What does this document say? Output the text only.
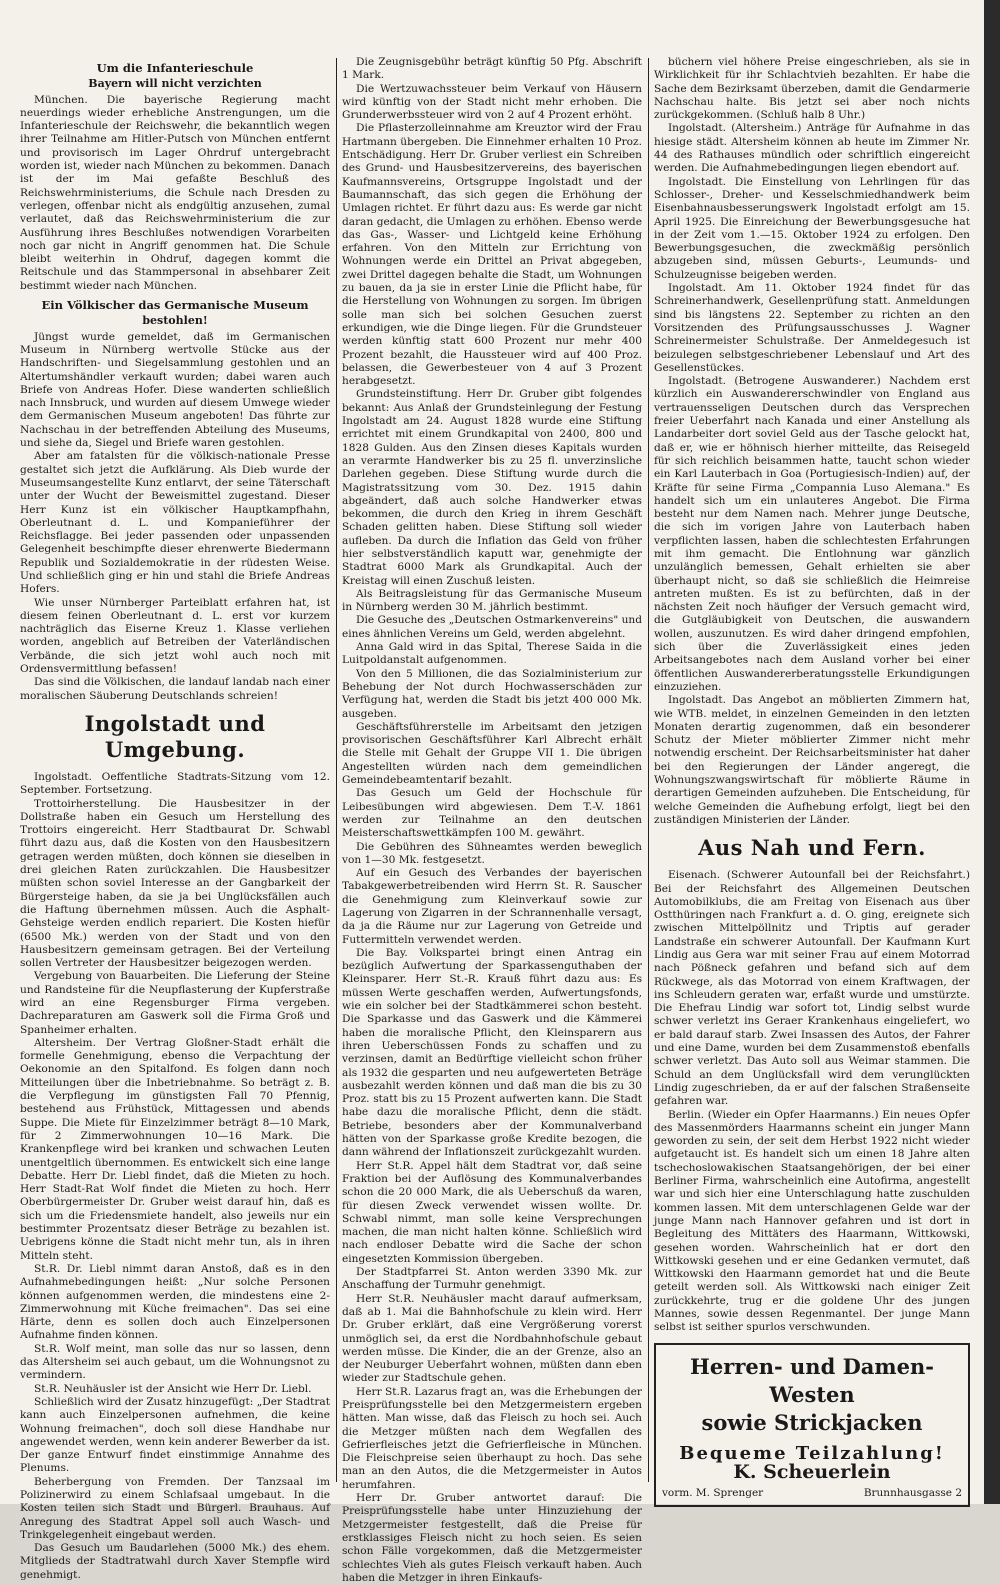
Um die Infanterieschule
Bayern will nicht verzichten

München. Die bayerische Regierung macht neuerdings wieder erhebliche Anstrengungen, um die Infanterieschule der Reichswehr, die bekanntlich wegen ihrer Teilnahme am Hitler-Putsch von München entfernt und provisorisch im Lager Ohrdruf untergebracht worden ist, wieder nach München zu bekommen. Danach ist der im Mai gefaßte Beschluß des Reichswehrministeriums, die Schule nach Dresden zu verlegen, offenbar nicht als endgültig anzusehen, zumal verlautet, daß das Reichswehrministerium die zur Ausführung ihres Beschlußes notwendigen Vorarbeiten noch gar nicht in Angriff genommen hat. Die Schule bleibt weiterhin in Ohdruf, dagegen kommt die Reitschule und das Stammpersonal in absehbarer Zeit bestimmt wieder nach München.

Ein Völkischer das Germanische Museum
bestohlen!

Jüngst wurde gemeldet, daß im Germanischen Museum in Nürnberg wertvolle Stücke aus der Handschriften- und Siegelsammlung gestohlen und an Altertumshändler verkauft wurden; dabei waren auch Briefe von Andreas Hofer. Diese wanderten schließlich nach Innsbruck, und wurden auf diesem Umwege wieder dem Germanischen Museum angeboten! Das führte zur Nachschau in der betreffenden Abteilung des Museums, und siehe da, Siegel und Briefe waren gestohlen.

Aber am fatalsten für die völkisch-nationale Presse gestaltet sich jetzt die Aufklärung. Als Dieb wurde der Museumsangestellte Kunz entlarvt, der seine Täterschaft unter der Wucht der Beweismittel zugestand. Dieser Herr Kunz ist ein völkischer Hauptkampfhahn, Oberleutnant d. L. und Kompanieführer der Reichsflagge. Bei jeder passenden oder unpassenden Gelegenheit beschimpfte dieser ehrenwerte Biedermann Republik und Sozialdemokratie in der rüdesten Weise. Und schließlich ging er hin und stahl die Briefe Andreas Hofers.

Wie unser Nürnberger Parteiblatt erfahren hat, ist diesem feinen Oberleutnant d. L. erst vor kurzem nachträglich das Eiserne Kreuz 1. Klasse verliehen worden, angeblich auf Betreiben der Vaterländischen Verbände, die sich jetzt wohl auch noch mit Ordensvermittlung befassen!

Das sind die Völkischen, die landauf landab nach einer moralischen Säuberung Deutschlands schreien!

Ingolstadt und Umgebung.

Ingolstadt. Oeffentliche Stadtrats-Sitzung vom 12. September. Fortsetzung.

Trottoirherstellung. Die Hausbesitzer in der Dollstraße haben ein Gesuch um Herstellung des Trottoirs eingereicht. Herr Stadtbaurat Dr. Schwabl führt dazu aus, daß die Kosten von den Hausbesitzern getragen werden müßten, doch können sie dieselben in drei gleichen Raten zurückzahlen. Die Hausbesitzer müßten schon soviel Interesse an der Gangbarkeit der Bürgersteige haben, da sie ja bei Unglücksfällen auch die Haftung übernehmen müssen. Auch die Asphalt-Gehsteige werden endlich repariert. Die Kosten hiefür (6500 Mk.) werden von der Stadt und von den Hausbesitzern gemeinsam getragen. Bei der Verteilung sollen Vertreter der Hausbesitzer beigezogen werden.

Vergebung von Bauarbeiten. Die Lieferung der Steine und Randsteine für die Neupflasterung der Kupferstraße wird an eine Regensburger Firma vergeben. Dachreparaturen am Gaswerk soll die Firma Groß und Spanheimer erhalten.

Altersheim. Der Vertrag Gloßner-Stadt erhält die formelle Genehmigung, ebenso die Verpachtung der Oekonomie an den Spitalfond. Es folgen dann noch Mitteilungen über die Inbetriebnahme. So beträgt z. B. die Verpflegung im günstigsten Fall 70 Pfennig, bestehend aus Frühstück, Mittagessen und abends Suppe. Die Miete für Einzelzimmer beträgt 8—10 Mark, für 2 Zimmerwohnungen 10—16 Mark. Die Krankenpflege wird bei kranken und schwachen Leuten unentgeltlich übernommen. Es entwickelt sich eine lange Debatte. Herr Dr. Liebl findet, daß die Mieten zu hoch. Herr Stadt-Rat Wolf findet die Mieten zu hoch. Herr Oberbürgermeister Dr. Gruber weist darauf hin, daß es sich um die Friedensmiete handelt, also jeweils nur ein bestimmter Prozentsatz dieser Beträge zu bezahlen ist. Uebrigens könne die Stadt nicht mehr tun, als in ihren Mitteln steht.

St.R. Dr. Liebl nimmt daran Anstoß, daß es in den Aufnahmebedingungen heißt: „Nur solche Personen können aufgenommen werden, die mindestens eine 2-Zimmerwohnung mit Küche freimachen". Das sei eine Härte, denn es sollen doch auch Einzelpersonen Aufnahme finden können.

St.R. Wolf meint, man solle das nur so lassen, denn das Altersheim sei auch gebaut, um die Wohnungsnot zu vermindern.

St.R. Neuhäusler ist der Ansicht wie Herr Dr. Liebl.

Schließlich wird der Zusatz hinzugefügt: „Der Stadtrat kann auch Einzelpersonen aufnehmen, die keine Wohnung freimachen", doch soll diese Handhabe nur angewendet werden, wenn kein anderer Bewerber da ist. Der ganze Entwurf findet einstimmige Annahme des Plenums.

Beherbergung von Fremden. Der Tanzsaal im Polizinerwird zu einem Schlafsaal umgebaut. In die Kosten teilen sich Stadt und Bürgerl. Brauhaus. Auf Anregung des Stadtrat Appel soll auch Wasch- und Trinkgelegenheit eingebaut werden.

Das Gesuch um Baudarlehen (5000 Mk.) des ehem. Mitglieds der Stadtratwahl durch Xaver Stempfle wird genehmigt.

Die Zeugnisgebühr beträgt künftig 50 Pfg. Abschrift 1 Mark.

Die Wertzuwachssteuer beim Verkauf von Häusern wird künftig von der Stadt nicht mehr erhoben. Die Grunderwerbssteuer wird von 2 auf 4 Prozent erhöht.

Die Pflasterzolleinnahme am Kreuztor wird der Frau Hartmann übergeben. Die Einnehmer erhalten 10 Proz. Entschädigung. Herr Dr. Gruber verliest ein Schreiben des Grund- und Hausbesitzervereins, des bayerischen Kaufmannsvereins, Ortsgruppe Ingolstadt und der Baumannschaft, das sich gegen die Erhöhung der Umlagen richtet. Er führt dazu aus: Es werde gar nicht daran gedacht, die Umlagen zu erhöhen. Ebenso werde das Gas-, Wasser- und Lichtgeld keine Erhöhung erfahren. Von den Mitteln zur Errichtung von Wohnungen werde ein Drittel an Privat abgegeben, zwei Drittel dagegen behalte die Stadt, um Wohnungen zu bauen, da ja sie in erster Linie die Pflicht habe, für die Herstellung von Wohnungen zu sorgen. Im übrigen solle man sich bei solchen Gesuchen zuerst erkundigen, wie die Dinge liegen. Für die Grundsteuer werden künftig statt 600 Prozent nur mehr 400 Prozent bezahlt, die Haussteuer wird auf 400 Proz. belassen, die Gewerbesteuer von 4 auf 3 Prozent herabgesetzt.

Grundsteinstiftung. Herr Dr. Gruber gibt folgendes bekannt: Aus Anlaß der Grundsteinlegung der Festung Ingolstadt am 24. August 1828 wurde eine Stiftung errichtet mit einem Grundkapital von 2400, 800 und 1828 Gulden. Aus den Zinsen dieses Kapitals wurden an verarmte Handwerker bis zu 25 fl. unverzinsliche Darlehen gegeben. Diese Stiftung wurde durch die Magistratssitzung vom 30. Dez. 1915 dahin abgeändert, daß auch solche Handwerker etwas bekommen, die durch den Krieg in ihrem Geschäft Schaden gelitten haben. Diese Stiftung soll wieder aufleben. Da durch die Inflation das Geld von früher hier selbstverständlich kaputt war, genehmigte der Stadtrat 6000 Mark als Grundkapital. Auch der Kreistag will einen Zuschuß leisten.

Als Beitragsleistung für das Germanische Museum in Nürnberg werden 30 M. jährlich bestimmt.

Die Gesuche des „Deutschen Ostmarkenvereins" und eines ähnlichen Vereins um Geld, werden abgelehnt.

Anna Gald wird in das Spital, Therese Saida in die Luitpoldanstalt aufgenommen.

Von den 5 Millionen, die das Sozialministerium zur Behebung der Not durch Hochwasserschäden zur Verfügung hat, werden die Stadt bis jetzt 400 000 Mk. ausgeben.

Geschäftsführerstelle im Arbeitsamt den jetzigen provisorischen Geschäftsführer Karl Albrecht erhält die Stelle mit Gehalt der Gruppe VII 1. Die übrigen Angestellten würden nach dem gemeindlichen Gemeindebeamtentarif bezahlt.

Das Gesuch um Geld der Hochschule für Leibesübungen wird abgewiesen. Dem T.-V. 1861 werden zur Teilnahme an den deutschen Meisterschaftswettkämpfen 100 M. gewährt.

Die Gebühren des Sühneamtes werden beweglich von 1—30 Mk. festgesetzt.

Auf ein Gesuch des Verbandes der bayerischen Tabakgewerbetreibenden wird Herrn St. R. Sauscher die Genehmigung zum Kleinverkauf sowie zur Lagerung von Zigarren in der Schrannenhalle versagt, da ja die Räume nur zur Lagerung von Getreide und Futtermitteln verwendet werden.

Die Bay. Volkspartei bringt einen Antrag ein bezüglich Aufwertung der Sparkassenguthaben der Kleinsparer. Herr St.-R. Krauß führt dazu aus: Es müssen Werte geschaffen werden, Aufwertungsfonds, wie ein solcher bei der Stadtkämmerei schon besteht. Die Sparkasse und das Gaswerk und die Kämmerei haben die moralische Pflicht, den Kleinsparern aus ihren Ueberschüssen Fonds zu schaffen und zu verzinsen, damit an Bedürftige vielleicht schon früher als 1932 die gesparten und neu aufgewerteten Beträge ausbezahlt werden können und daß man die bis zu 30 Proz. statt bis zu 15 Prozent aufwerten kann. Die Stadt habe dazu die moralische Pflicht, denn die städt. Betriebe, besonders aber der Kommunalverband hätten von der Sparkasse große Kredite bezogen, die dann während der Inflationszeit zurückgezahlt wurden.

Herr St.R. Appel hält dem Stadtrat vor, daß seine Fraktion bei der Auflösung des Kommunalverbandes schon die 20 000 Mark, die als Ueberschuß da waren, für diesen Zweck verwendet wissen wollte. Dr. Schwabl nimmt, man solle keine Versprechungen machen, die man nicht halten könne. Schließlich wird nach endloser Debatte wird die Sache der schon eingesetzten Kommission übergeben.

Der Stadtpfarrei St. Anton werden 3390 Mk. zur Anschaffung der Turmuhr genehmigt.

Herr St.R. Neuhäusler macht darauf aufmerksam, daß ab 1. Mai die Bahnhofschule zu klein wird. Herr Dr. Gruber erklärt, daß eine Vergrößerung vorerst unmöglich sei, da erst die Nordbahnhofschule gebaut werden müsse. Die Kinder, die an der Grenze, also an der Neuburger Ueberfahrt wohnen, müßten dann eben wieder zur Stadtschule gehen.

Herr St.R. Lazarus fragt an, was die Erhebungen der Preisprüfungsstelle bei den Metzgermeistern ergeben hätten. Man wisse, daß das Fleisch zu hoch sei. Auch die Metzger müßten nach dem Wegfallen des Gefrierfleisches jetzt die Gefrierfleische in München. Die Fleischpreise seien überhaupt zu hoch. Das sehe man an den Autos, die die Metzgermeister in Autos herumfahren.

Herr Dr. Gruber antwortet darauf: Die Preisprüfungsstelle habe unter Hinzuziehung der Metzgermeister festgestellt, daß die Preise für erstklassiges Fleisch nicht zu hoch seien. Es seien schon Fälle vorgekommen, daß die Metzgermeister schlechtes Vieh als gutes Fleisch verkauft haben. Auch haben die Metzger in ihren Einkaufs-

büchern viel höhere Preise eingeschrieben, als sie in Wirklichkeit für ihr Schlachtvieh bezahlten. Er habe die Sache dem Bezirksamt überzeben, damit die Gendarmerie Nachschau halte. Bis jetzt sei aber noch nichts zurückgekommen. (Schluß halb 8 Uhr.)

Ingolstadt. (Altersheim.) Anträge für Aufnahme in das hiesige städt. Altersheim können ab heute im Zimmer Nr. 44 des Rathauses mündlich oder schriftlich eingereicht werden. Die Aufnahmebedingungen liegen ebendort auf.

Ingolstadt. Die Einstellung von Lehrlingen für das Schlosser-, Dreher- und Kesselschmiedhandwerk beim Eisenbahnausbesserungswerk Ingolstadt erfolgt am 15. April 1925. Die Einreichung der Bewerbungsgesuche hat in der Zeit vom 1.—15. Oktober 1924 zu erfolgen. Den Bewerbungsgesuchen, die zweckmäßig persönlich abzugeben sind, müssen Geburts-, Leumunds- und Schulzeugnisse beigeben werden.

Ingolstadt. Am 11. Oktober 1924 findet für das Schreinerhandwerk, Gesellenprüfung statt. Anmeldungen sind bis längstens 22. September zu richten an den Vorsitzenden des Prüfungsausschusses J. Wagner Schreinermeister Schulstraße. Der Anmeldegesuch ist beizulegen selbstgeschriebener Lebenslauf und Art des Gesellenstückes.

Ingolstadt. (Betrogene Auswanderer.) Nachdem erst kürzlich ein Auswandererschwindler von England aus vertrauensseligen Deutschen durch das Versprechen freier Ueberfahrt nach Kanada und einer Anstellung als Landarbeiter dort soviel Geld aus der Tasche gelockt hat, daß er, wie er höhnisch hierher mitteilte, das Reisegeld für sich reichlich beisammen hatte, taucht schon wieder ein Karl Lauterbach in Goa (Portugiesisch-Indien) auf, der Kräfte für seine Firma „Compannia Luso Alemana." Es handelt sich um ein unlauteres Angebot. Die Firma besteht nur dem Namen nach. Mehrer junge Deutsche, die sich im vorigen Jahre von Lauterbach haben verpflichten lassen, haben die schlechtesten Erfahrungen mit ihm gemacht. Die Entlohnung war gänzlich unzulänglich bemessen, Gehalt erhielten sie aber überhaupt nicht, so daß sie schließlich die Heimreise antreten mußten. Es ist zu befürchten, daß in der nächsten Zeit noch häufiger der Versuch gemacht wird, die Gutgläubigkeit von Deutschen, die auswandern wollen, auszunutzen. Es wird daher dringend empfohlen, sich über die Zuverlässigkeit eines jeden Arbeitsangebotes nach dem Ausland vorher bei einer öffentlichen Auswandererberatungsstelle Erkundigungen einzuziehen.

Ingolstadt. Das Angebot an möblierten Zimmern hat, wie WTB. meldet, in einzelnen Gemeinden in den letzten Monaten derartig zugenommen, daß ein besonderer Schutz der Mieter möblierter Zimmer nicht mehr notwendig erscheint. Der Reichsarbeitsminister hat daher bei den Regierungen der Länder angeregt, die Wohnungszwangswirtschaft für möblierte Räume in derartigen Gemeinden aufzuheben. Die Entscheidung, für welche Gemeinden die Aufhebung erfolgt, liegt bei den zuständigen Ministerien der Länder.

Aus Nah und Fern.

Eisenach. (Schwerer Autounfall bei der Reichsfahrt.) Bei der Reichsfahrt des Allgemeinen Deutschen Automobilklubs, die am Freitag von Eisenach aus über Ostthüringen nach Frankfurt a. d. O. ging, ereignete sich zwischen Mittelpöllnitz und Triptis auf gerader Landstraße ein schwerer Autounfall. Der Kaufmann Kurt Lindig aus Gera war mit seiner Frau auf einem Motorrad nach Pößneck gefahren und befand sich auf dem Rückwege, als das Motorrad von einem Kraftwagen, der ins Schleudern geraten war, erfaßt wurde und umstürzte. Die Ehefrau Lindig war sofort tot, Lindig selbst wurde schwer verletzt ins Geraer Krankenhaus eingeliefert, wo er bald darauf starb. Zwei Insassen des Autos, der Fahrer und eine Dame, wurden bei dem Zusammenstoß ebenfalls schwer verletzt. Das Auto soll aus Weimar stammen. Die Schuld an dem Unglücksfall wird dem verunglückten Lindig zugeschrieben, da er auf der falschen Straßenseite gefahren war.

Berlin. (Wieder ein Opfer Haarmanns.) Ein neues Opfer des Massenmörders Haarmanns scheint ein junger Mann geworden zu sein, der seit dem Herbst 1922 nicht wieder aufgetaucht ist. Es handelt sich um einen 18 Jahre alten tschechoslowakischen Staatsangehörigen, der bei einer Berliner Firma, wahrscheinlich eine Autofirma, angestellt war und sich hier eine Unterschlagung hatte zuschulden kommen lassen. Mit dem unterschlagenen Gelde war der junge Mann nach Hannover gefahren und ist dort in Begleitung des Mittäters des Haarmann, Wittkowski, gesehen worden. Wahrscheinlich hat er dort den Wittkowski gesehen und er eine Gedanken vermutet, daß Wittkowski den Haarmann gemordet hat und die Beute geteilt werden soll. Als Wittkowski nach einiger Zeit zurückkehrte, trug er die goldene Uhr des jungen Mannes, sowie dessen Regenmantel. Der junge Mann selbst ist seither spurlos verschwunden.

Herren- und Damen-Westen
sowie Strickjacken
Bequeme Teilzahlung!
K. Scheuerlein
vorm. M. Sprenger	Brunnhausgasse 2
